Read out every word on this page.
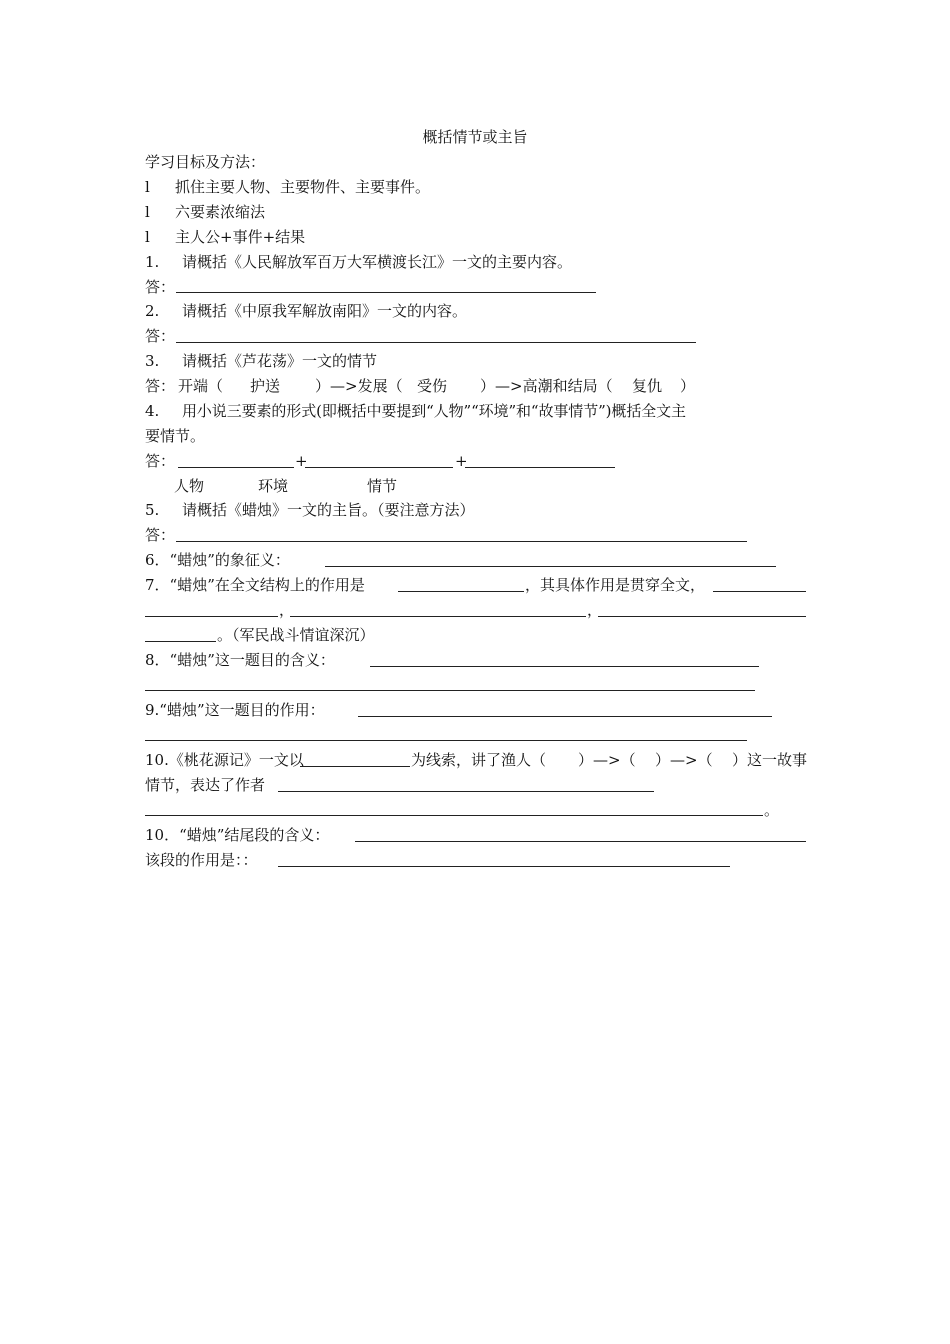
概括情节或主旨
学习目标及方法：
l 抓住主要人物、主要物件、主要事件。
l 六要素浓缩法
l 主人公+事件+结果
1. 请概括《人民解放军百万大军横渡长江》一文的主要内容。
答：
2. 请概括《中原我军解放南阳》一文的内容。
答：
3. 请概括《芦花荡》一文的情节
答： 开端（ 护送 ）—>发展（ 受伤 ）—>高潮和结局（ 复仇 ）
4. 用小说三要素的形式(即概括中要提到“人物”“环境”和“故事情节”)概括全文主
要情节。
答：	+	+
人物	环境	情节
5. 请概括《蜡烛》一文的主旨。（要注意方法）
答：
6．“蜡烛”的象征义：
7．“蜡烛”在全文结构上的作用是	，其具体作用是贯穿全文，
，	，
。（军民战斗情谊深沉）
8．“蜡烛”这一题目的含义：
9.“蜡烛”这一题目的作用：
10.《桃花源记》一文以	为线索，讲了渔人（ ）—>（ ）—>（ ）这一故事
情节，表达了作者
。
10．“蜡烛”结尾段的含义：
该段的作用是：：
